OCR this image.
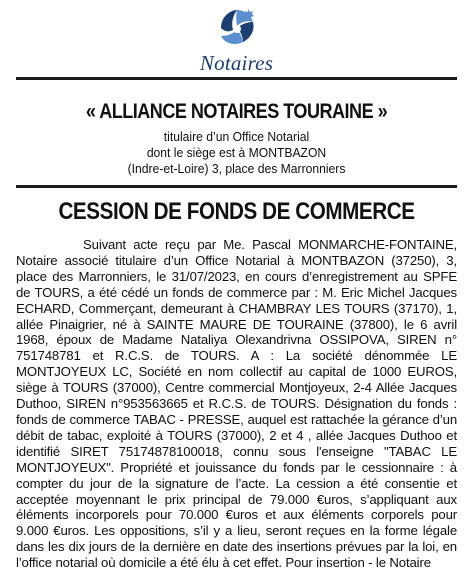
Notaires
« ALLIANCE NOTAIRES TOURAINE »
titulaire d’un Office Notarial
dont le siège est à MONTBAZON
(Indre-et-Loire) 3, place des Marronniers
CESSION DE FONDS DE COMMERCE
Suivant acte reçu par Me. Pascal MONMARCHE-FONTAINE, Notaire associé titulaire d’un Office Notarial à MONTBAZON (37250), 3, place des Marronniers, le 31/07/2023, en cours d’enregistrement au SPFE de TOURS, a été cédé un fonds de commerce par : M. Eric Michel Jacques ECHARD, Commerçant, demeurant à CHAMBRAY LES TOURS (37170), 1, allée Pinaigrier, né à SAINTE MAURE DE TOURAINE (37800), le 6 avril 1968, époux de Madame Nataliya Olexandrivna OSSIPOVA, SIREN n° 751748781 et R.C.S. de TOURS. A : La société dénommée LE MONTJOYEUX LC, Société en nom collectif au capital de 1000 EUROS, siège à TOURS (37000), Centre commercial Montjoyeux, 2-4 Allée Jacques Duthoo, SIREN n°953563665 et R.C.S. de TOURS. Désignation du fonds : fonds de commerce TABAC - PRESSE, auquel est rattachée la gérance d’un débit de tabac, exploité à TOURS (37000), 2 et 4 , allée Jacques Duthoo et identifié SIRET 75174878100018, connu sous l'enseigne "TABAC LE MONTJOYEUX". Propriété et jouissance du fonds par le cessionnaire : à compter du jour de la signature de l’acte. La cession a été consentie et acceptée moyennant le prix principal de 79.000 €uros, s’appliquant aux éléments incorporels pour 70.000 €uros et aux éléments corporels pour 9.000 €uros. Les oppositions, s’il y a lieu, seront reçues en la forme légale dans les dix jours de la dernière en date des insertions prévues par la loi, en l’office notarial où domicile a été élu à cet effet. Pour insertion - le Notaire
